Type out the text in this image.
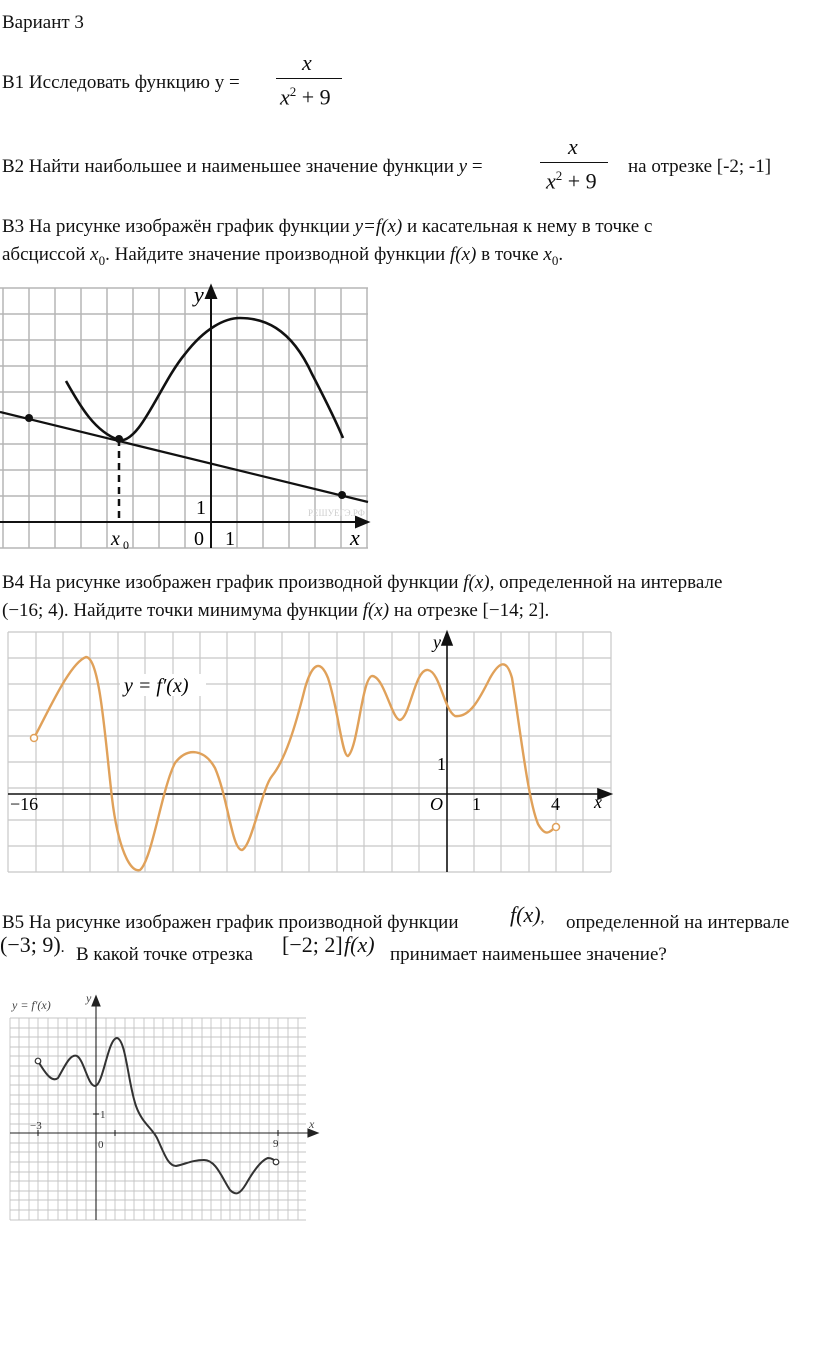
Вариант 3
В1 Исследовать функцию у =
x
$x^2 + 9$
В2 Найти наибольшее и наименьшее значение функции у =
x
$x^2 + 9$
на отрезке [-2; -1]
В3 На рисунке изображён график функции y=f(x) и касательная к нему в точке с
абсциссой $x_0$. Найдите значение производной функции f(x) в точке $x_0$.
y
x
1
0 1
x 0
РЕШУЕГЭ.РФ
В4 На рисунке изображен график производной функции f(x), определенной на интервале
(−16; 4). Найдите точки минимума функции f(x) на отрезке [−14; 2].
y = f′(x)
y
x
−16	O 1	4
1
В5 На рисунке изображен график производной функции f(x), определенной на интервале
(−3; 9). В какой точке отрезка [−2; 2] f(x) принимает наименьшее значение?
y = f′(x)	y
x
−3
1
0	9
